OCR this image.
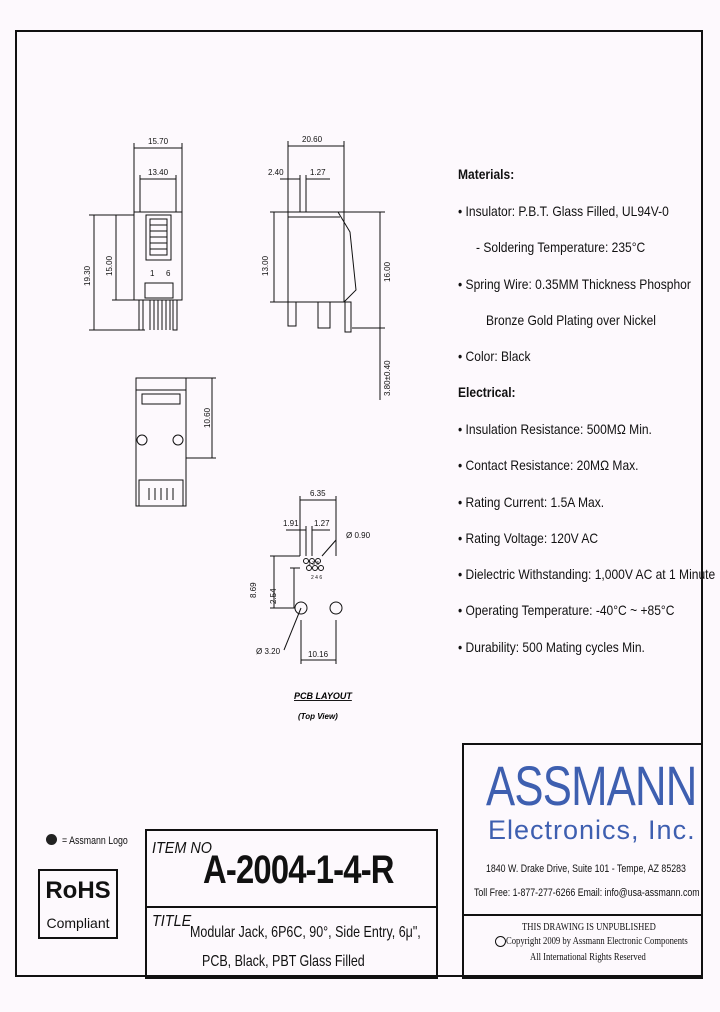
15.70
13.40
19.30 15.00	1 6
20.60
2.40	1.27
13.00	16.00
3.80±0.40
10.60
6.35
1.91 1.27
Ø 0.90
1 3 5
2 4 6
8.69 2.54
Ø 3.20	10.16
PCB LAYOUT
(Top View)
Materials:
• Insulator: P.B.T. Glass Filled, UL94V-0
- Soldering Temperature: 235°C
• Spring Wire: 0.35MM Thickness Phosphor
Bronze Gold Plating over Nickel
• Color: Black
Electrical:
• Insulation Resistance: 500MΩ Min.
• Contact Resistance: 20MΩ Max.
• Rating Current: 1.5A Max.
• Rating Voltage: 120V AC
• Dielectric Withstanding: 1,000V AC at 1 Minute
• Operating Temperature: -40°C ~ +85°C
• Durability: 500 Mating cycles Min.
= Assmann Logo
RoHS
Compliant
ITEM NO
A-2004-1-4-R
TITLE
Modular Jack, 6P6C, 90°, Side Entry, 6μ",
PCB, Black, PBT Glass Filled
ASSMANN
Electronics, Inc.
1840 W. Drake Drive, Suite 101 - Tempe, AZ 85283
Toll Free: 1-877-277-6266 Email: info@usa-assmann.com
THIS DRAWING IS UNPUBLISHED
Copyright 2009 by Assmann Electronic Components
All International Rights Reserved
